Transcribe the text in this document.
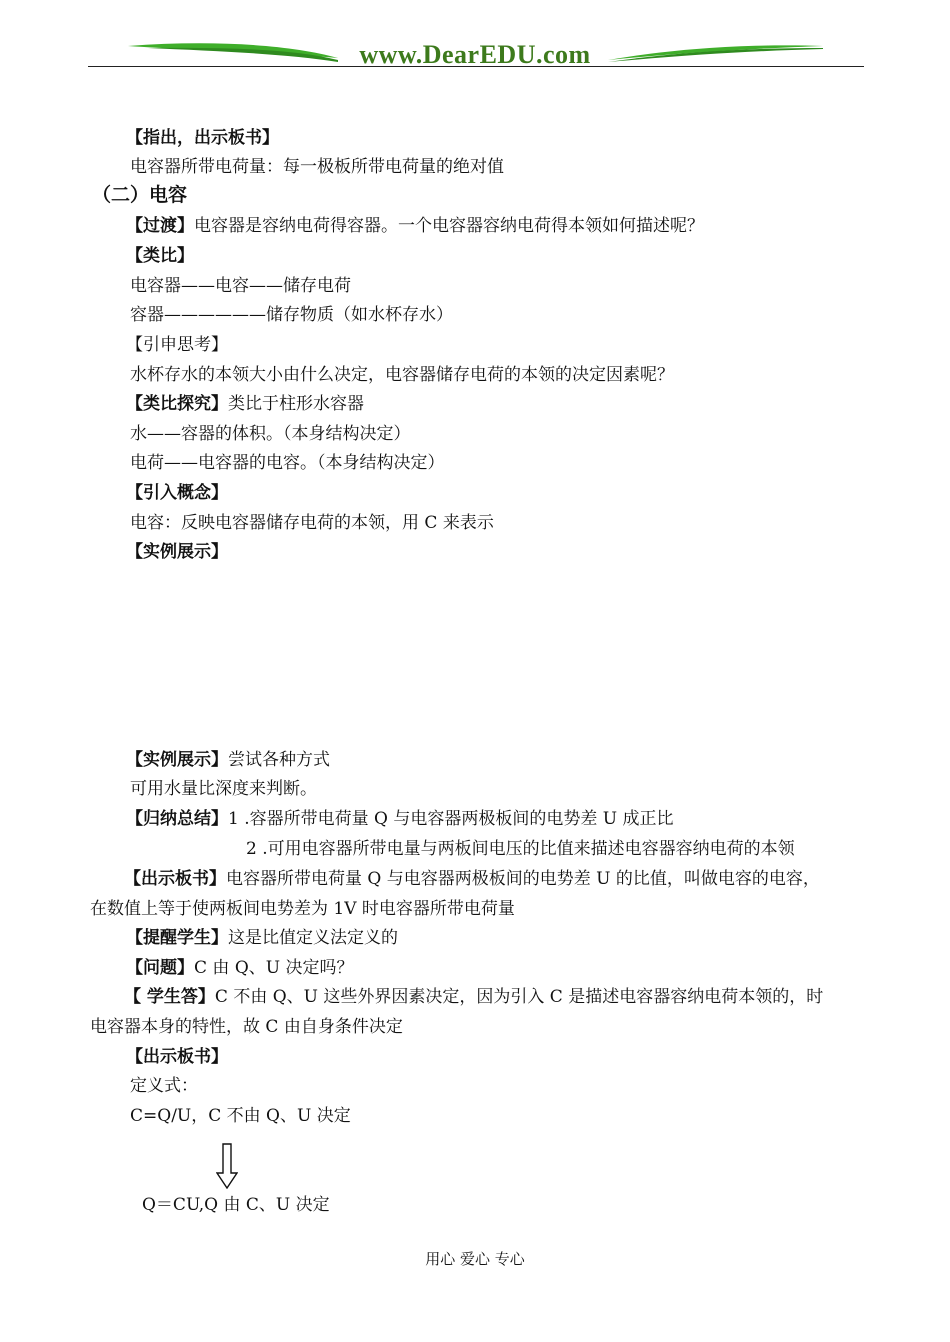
www.DearEDU.com
【指出，出示板书】
电容器所带电荷量：每一极板所带电荷量的绝对值
（二）电容
【过渡】电容器是容纳电荷得容器。一个电容器容纳电荷得本领如何描述呢？
【类比】
电容器——电容——储存电荷
容器——————储存物质（如水杯存水）
【引申思考】
水杯存水的本领大小由什么决定，电容器储存电荷的本领的决定因素呢？
【类比探究】类比于柱形水容器
水——容器的体积。（本身结构决定）
电荷——电容器的电容。（本身结构决定）
【引入概念】
电容：反映电容器储存电荷的本领，用 C 来表示
【实例展示】
【实例展示】尝试各种方式
可用水量比深度来判断。
【归纳总结】1 .容器所带电荷量 Q 与电容器两极板间的电势差 U 成正比
2 .可用电容器所带电量与两板间电压的比值来描述电容器容纳电荷的本领
【出示板书】电容器所带电荷量 Q 与电容器两极板间的电势差 U 的比值，叫做电容的电容，
在数值上等于使两板间电势差为 1V 时电容器所带电荷量
【提醒学生】这是比值定义法定义的
【问题】C 由 Q、U 决定吗？
【 学生答】C 不由 Q、U 这些外界因素决定，因为引入 C 是描述电容器容纳电荷本领的，时
电容器本身的特性，故 C 由自身条件决定
【出示板书】
定义式：
C=Q/U，C 不由 Q、U 决定
Q＝CU,Q 由 C、U 决定
用心 爱心 专心
